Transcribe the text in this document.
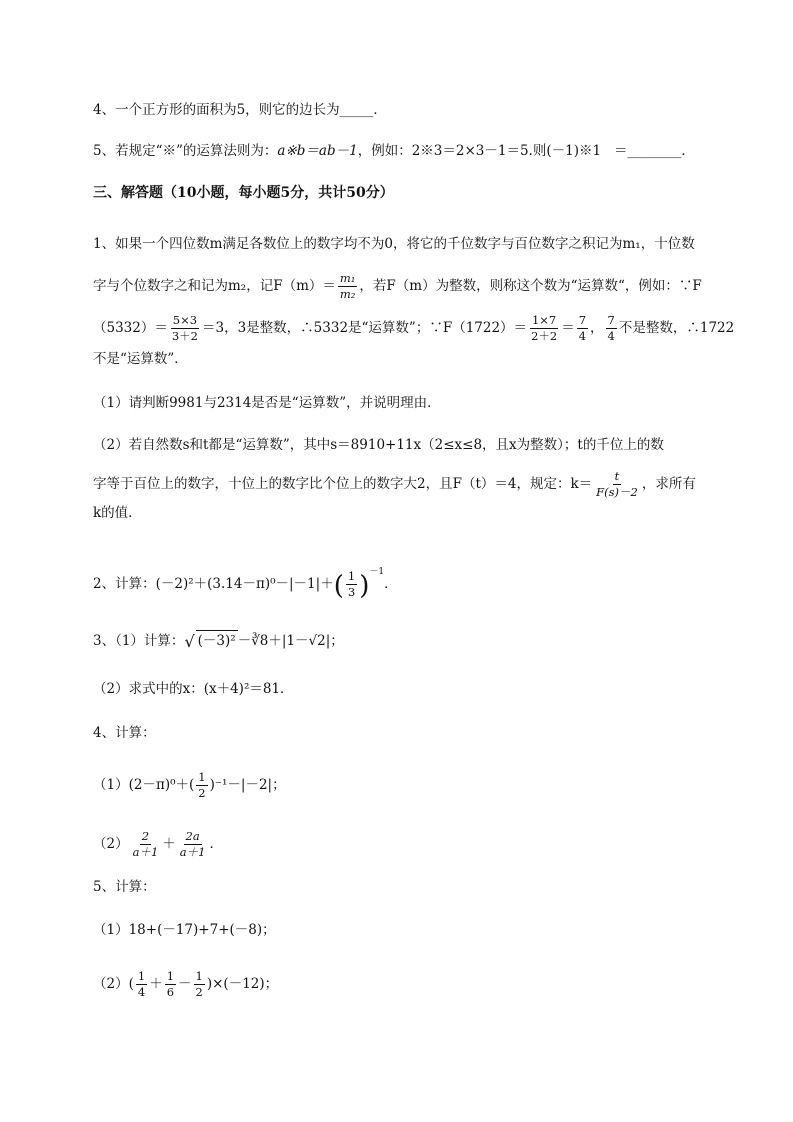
4、一个正方形的面积为5，则它的边长为_____．
5、若规定“※”的运算法则为：a※b＝ab－1，例如：2※3＝2×3－1＝5.则(－1)※1 ＝________．
三、解答题（10小题，每小题5分，共计50分）
1、如果一个四位数m满足各数位上的数字均不为0，将它的千位数字与百位数字之积记为m₁，十位数
字与个位数字之和记为m₂，记$F(m)= \frac{\text{m₁}}{\text{m₂}}$ ，若F（m）为整数，则称这个数为“运算数“，例如：∵F
$(5332)= \frac{5\times 3}{3+2} =3$，3是整数，∴5332是“运算数”；∵F（1722）＝ $\frac{1\times 7}{2+2} = \frac{7}{4}$ ， $\frac{7}{4}$ 不是整数，∴1722
不是“运算数”．
（1）请判断9981与2314是否是“运算数”，并说明理由．
（2）若自然数s和t都是“运算数”，其中s＝8910+11x（2≤x≤8，且x为整数）；t的千位上的数
字等于百位上的数字，十位上的数字比个位上的数字大2，且F（t）＝4，规定：$k= \frac{t}{F(s)-2}$ ，求所有
k的值．
2、计算：$(-2)^2+(3.14-\pi)^0-|-1|+( \frac{1}{3} )^{-1}$．
3、（1）计算：√ (－3)² －∛8＋|1－√2|；
（2）求式中的x：(x＋4)²＝81．
4、计算：
$(1)(2-\pi)^0+( \frac{1}{2} )^{-1}-|-2|$；
$(2) \frac{2}{a+1} + \frac{2a}{a+1}$ ．
5、计算：
（1）18+(－17)+7+(－8)；
$(2)( \frac{1}{4} + \frac{1}{6} - \frac{1}{2} )\times(-12)$；
